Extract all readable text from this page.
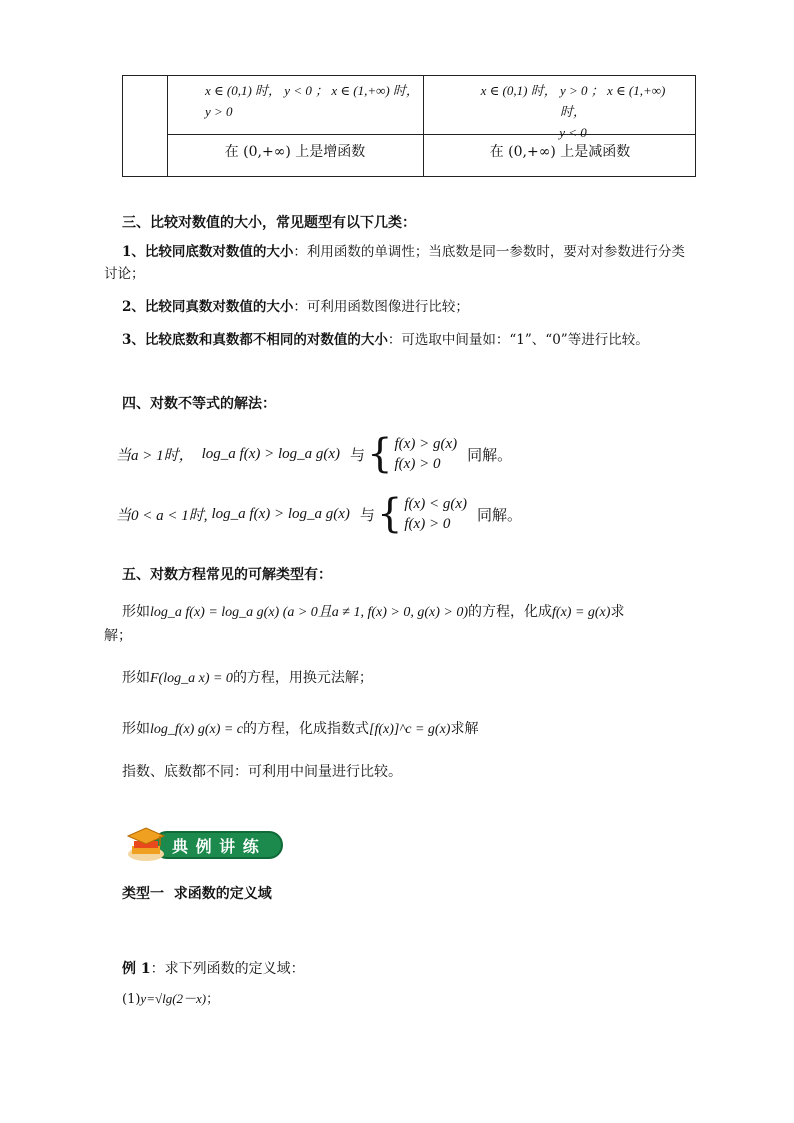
x ∈ (0,1) 时， y < 0 ； x ∈ (1,+∞) 时，
y > 0
x ∈ (0,1) 时， y > 0 ； x ∈ (1,+∞) 时，
y < 0
在 (0,+∞) 上是增函数	在 (0,+∞) 上是减函数
三、比较对数值的大小，常见题型有以下几类：
1、比较同底数对数值的大小：利用函数的单调性；当底数是同一参数时，要对对参数进行分类
讨论；
2、比较同真数对数值的大小：可利用函数图像进行比较；
3、比较底数和真数都不相同的对数值的大小：可选取中间量如：“1”、“0”等进行比较。
四、对数不等式的解法：
当a > 1时， log_a f(x) > log_a g(x) 与 { f(x) > g(x)
f(x) > 0
同解。
当0 < a < 1时, log_a f(x) > log_a g(x) 与 { f(x) < g(x)
f(x) > 0
同解。
五、对数方程常见的可解类型有：
形如log_a f(x) = log_a g(x) (a > 0且a ≠ 1, f(x) > 0, g(x) > 0)的方程，化成f(x) = g(x)求
解；
形如F(log_a x) = 0的方程，用换元法解；
形如log_f(x) g(x) = c的方程，化成指数式[f(x)]^c = g(x)求解
指数、底数都不同：可利用中间量进行比较。
典 例 讲 练
类型一  求函数的定义域
例 1：求下列函数的定义域：
(1)y=√lg(2－x)；
